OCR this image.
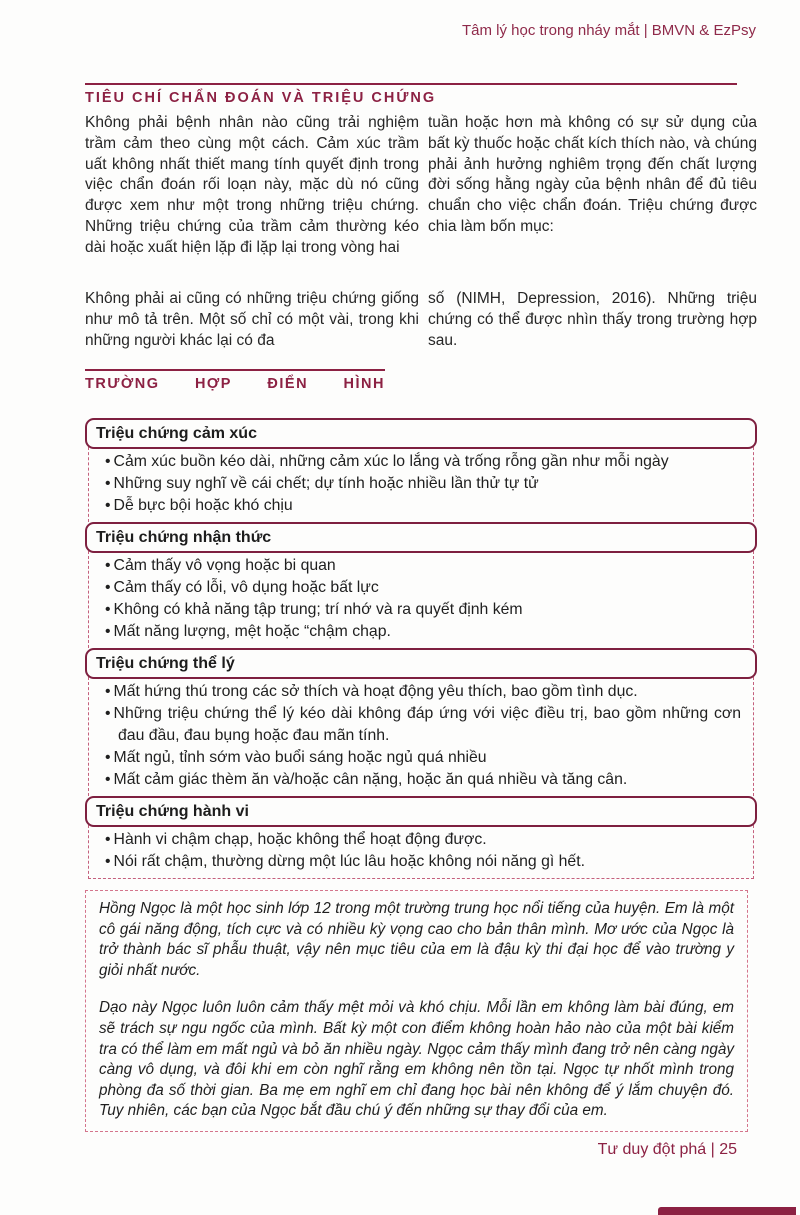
Tâm lý học trong nháy mắt | BMVN & EzPsy
TIÊU CHÍ CHẨN ĐOÁN VÀ TRIỆU CHỨNG
Không phải bệnh nhân nào cũng trải nghiệm trầm cảm theo cùng một cách. Cảm xúc trầm uất không nhất thiết mang tính quyết định trong việc chẩn đoán rối loạn này, mặc dù nó cũng được xem như một trong những triệu chứng. Những triệu chứng của trầm cảm thường kéo dài hoặc xuất hiện lặp đi lặp lại trong vòng hai
tuần hoặc hơn mà không có sự sử dụng của bất kỳ thuốc hoặc chất kích thích nào, và chúng phải ảnh hưởng nghiêm trọng đến chất lượng đời sống hằng ngày của bệnh nhân để đủ tiêu chuẩn cho việc chẩn đoán. Triệu chứng được chia làm bốn mục:
Không phải ai cũng có những triệu chứng giống như mô tả trên. Một số chỉ có một vài, trong khi những người khác lại có đa
số (NIMH, Depression, 2016). Những triệu chứng có thể được nhìn thấy trong trường hợp sau.
TRƯỜNG HỢP ĐIỂN HÌNH
Triệu chứng cảm xúc
• Cảm xúc buồn kéo dài, những cảm xúc lo lắng và trống rỗng gần như mỗi ngày
• Những suy nghĩ về cái chết; dự tính hoặc nhiều lần thử tự tử
• Dễ bực bội hoặc khó chịu
Triệu chứng nhận thức
• Cảm thấy vô vọng hoặc bi quan
• Cảm thấy có lỗi, vô dụng hoặc bất lực
• Không có khả năng tập trung; trí nhớ và ra quyết định kém
• Mất năng lượng, mệt hoặc “chậm chạp.
Triệu chứng thể lý
• Mất hứng thú trong các sở thích và hoạt động yêu thích, bao gồm tình dục.
• Những triệu chứng thể lý kéo dài không đáp ứng với việc điều trị, bao gồm những cơn đau đầu, đau bụng hoặc đau mãn tính.
• Mất ngủ, tỉnh sớm vào buổi sáng hoặc ngủ quá nhiều
• Mất cảm giác thèm ăn và/hoặc cân nặng, hoặc ăn quá nhiều và tăng cân.
Triệu chứng hành vi
• Hành vi chậm chạp, hoặc không thể hoạt động được.
• Nói rất chậm, thường dừng một lúc lâu hoặc không nói năng gì hết.

Hồng Ngọc là một học sinh lớp 12 trong một trường trung học nổi tiếng của huyện. Em là một cô gái năng động, tích cực và có nhiều kỳ vọng cao cho bản thân mình. Mơ ước của Ngọc là trở thành bác sĩ phẫu thuật, vậy nên mục tiêu của em là đậu kỳ thi đại học để vào trường y giỏi nhất nước.

Dạo này Ngọc luôn luôn cảm thấy mệt mỏi và khó chịu. Mỗi lần em không làm bài đúng, em sẽ trách sự ngu ngốc của mình. Bất kỳ một con điểm không hoàn hảo nào của một bài kiểm tra có thể làm em mất ngủ và bỏ ăn nhiều ngày. Ngọc cảm thấy mình đang trở nên càng ngày càng vô dụng, và đôi khi em còn nghĩ rằng em không nên tồn tại. Ngọc tự nhốt mình trong phòng đa số thời gian. Ba mẹ em nghĩ em chỉ đang học bài nên không để ý lắm chuyện đó. Tuy nhiên, các bạn của Ngọc bắt đầu chú ý đến những sự thay đổi của em.

Tư duy đột phá | 25
